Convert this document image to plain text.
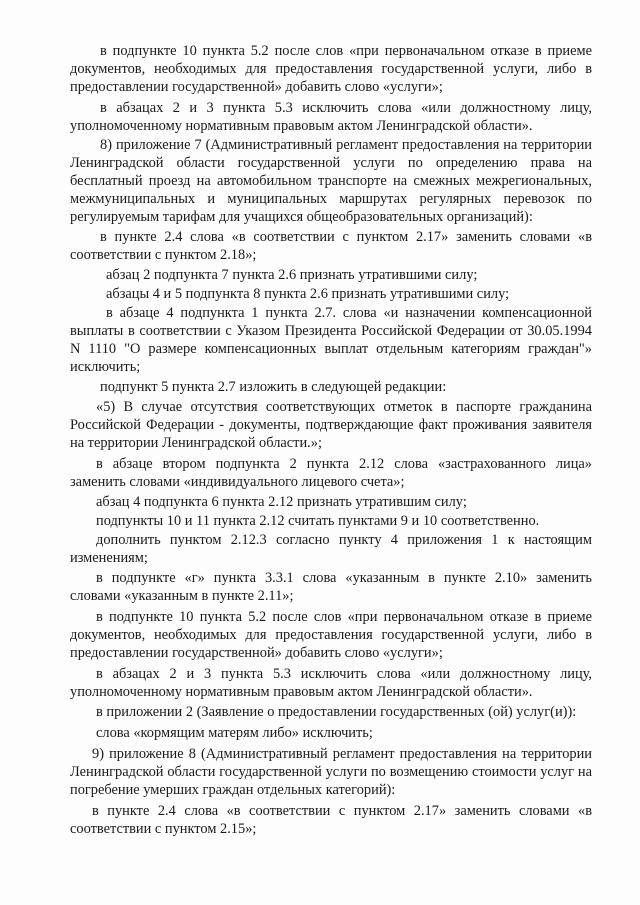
в подпункте 10 пункта 5.2 после слов «при первоначальном отказе в приеме
документов, необходимых для предоставления государственной услуги, либо в
предоставлении государственной» добавить слово «услуги»;
в абзацах 2 и 3 пункта 5.3 исключить слова «или должностному лицу,
уполномоченному нормативным правовым актом Ленинградской области».
8) приложение 7 (Административный регламент предоставления на территории
Ленинградской области государственной услуги по определению права на
бесплатный проезд на автомобильном транспорте на смежных межрегиональных,
межмуниципальных и муниципальных маршрутах регулярных перевозок по
регулируемым тарифам для учащихся общеобразовательных организаций):
в пункте 2.4 слова «в соответствии с пунктом 2.17» заменить словами «в
соответствии с пунктом 2.18»;
абзац 2 подпункта 7 пункта 2.6 признать утратившими силу;
абзацы 4 и 5 подпункта 8 пункта 2.6 признать утратившими силу;
в абзаце 4 подпункта 1 пункта 2.7. слова «и назначении компенсационной
выплаты в соответствии с Указом Президента Российской Федерации от 30.05.1994
N 1110 "О размере компенсационных выплат отдельным категориям граждан"»
исключить;
подпункт 5 пункта 2.7 изложить в следующей редакции:
«5) В случае отсутствия соответствующих отметок в паспорте гражданина
Российской Федерации - документы, подтверждающие факт проживания заявителя
на территории Ленинградской области.»;
в абзаце втором подпункта 2 пункта 2.12 слова «застрахованного лица»
заменить словами «индивидуального лицевого счета»;
абзац 4 подпункта 6 пункта 2.12 признать утратившим силу;
подпункты 10 и 11 пункта 2.12 считать пунктами 9 и 10 соответственно.
дополнить пунктом 2.12.3 согласно пункту 4 приложения 1 к настоящим
изменениям;
в подпункте «г» пункта 3.3.1 слова «указанным в пункте 2.10» заменить
словами «указанным в пункте 2.11»;
в подпункте 10 пункта 5.2 после слов «при первоначальном отказе в приеме
документов, необходимых для предоставления государственной услуги, либо в
предоставлении государственной» добавить слово «услуги»;
в абзацах 2 и 3 пункта 5.3 исключить слова «или должностному лицу,
уполномоченному нормативным правовым актом Ленинградской области».
в приложении 2 (Заявление о предоставлении государственных (ой) услуг(и)):
слова «кормящим матерям либо» исключить;
9) приложение 8 (Административный регламент предоставления на территории
Ленинградской области государственной услуги по возмещению стоимости услуг на
погребение умерших граждан отдельных категорий):
в пункте 2.4 слова «в соответствии с пунктом 2.17» заменить словами «в
соответствии с пунктом 2.15»;
